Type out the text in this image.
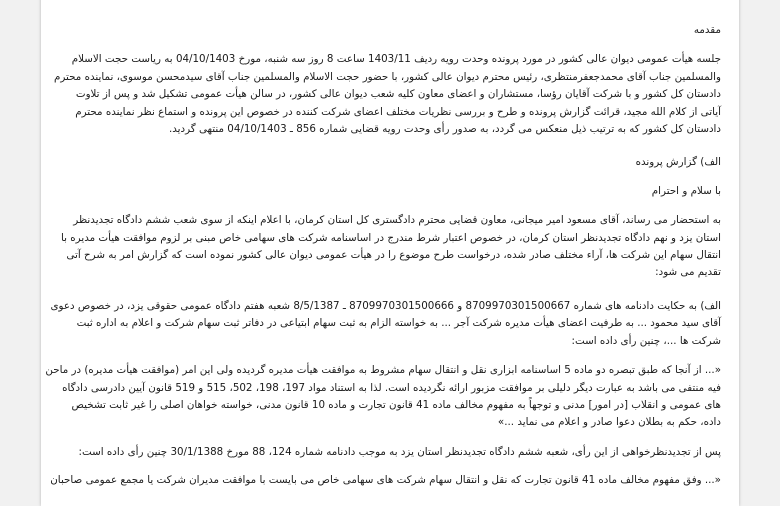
مقدمه

جلسه هیأت عمومی دیوان عالی کشور در مورد پرونده وحدت رویه ردیف 1403/11 ساعت 8 روز سه شنبه، مورخ 04/10/1403 به ریاست حجت الاسلام
والمسلمین جناب آقای محمدجعفرمنتظری، رئیس محترم دیوان عالی کشور، با حضور حجت الاسلام والمسلمین جناب آقای سیدمحسن موسوی، نماینده محترم
دادستان کل کشور و با شرکت آقایان رؤسا، مستشاران و اعضای معاون کلیه شعب دیوان عالی کشور، در سالن هیأت عمومی تشکیل شد و پس از تلاوت
آیاتی از کلام الله مجید، قرائت گزارش پرونده و طرح و بررسی نظریات مختلف اعضای شرکت کننده در خصوص این پرونده و استماع نظر نماینده محترم
دادستان کل کشور که به ترتیب ذیل منعکس می گردد، به صدور رأی وحدت رویه قضایی شماره 856 ـ 04/10/1403 منتهی گردید.

الف) گزارش پرونده

با سلام و احترام

به استحضار می رساند، آقای مسعود امیر میجانی، معاون قضایی محترم دادگستری کل استان کرمان، با اعلام اینکه از سوی شعب ششم دادگاه تجدیدنظر
استان یزد و نهم دادگاه تجدیدنظر استان کرمان، در خصوص اعتبار شرط مندرج در اساسنامه شرکت های سهامی خاص مبنی بر لزوم موافقت هیأت مدیره با
انتقال سهام این شرکت ها، آراء مختلف صادر شده، درخواست طرح موضوع را در هیأت عمومی دیوان عالی کشور نموده است که گزارش امر به شرح آتی
تقدیم می شود:
الف) به حکایت دادنامه های شماره 8709970301500667 و 8709970301500666 ـ 8/5/1387 شعبه هفتم دادگاه عمومی حقوقی یزد، در خصوص دعوی
آقای سید محمود ... به طرفیت اعضای هیأت مدیره شرکت آجر ... به خواسته الزام به ثبت سهام ابتیاعی در دفاتر ثبت سهام شرکت و اعلام به اداره ثبت
شرکت ها ...، چنین رأی داده است:
«... از آنجا که طبق تبصره دو ماده 5 اساسنامه ابزاری نقل و انتقال سهام مشروط به موافقت هیأت مدیره گردیده ولی این امر (موافقت هیأت مدیره) در ماحن
فیه منتفی می باشد به عبارت دیگر دلیلی بر موافقت مزبور ارائه نگردیده است. لذا به استناد مواد 197، 198، 502، 515 و 519 قانون آیین دادرسی دادگاه
های عمومی و انقلاب [در امور] مدنی و توجهاً به مفهوم مخالف ماده 41 قانون تجارت و ماده 10 قانون مدنی، خواسته خواهان اصلی را غیر ثابت تشخیص
داده، حکم به بطلان دعوا صادر و اعلام می نماید ...»
پس از تجدیدنظرخواهی از این رأی، شعبه ششم دادگاه تجدیدنظر استان یزد به موجب دادنامه شماره 124، 88 مورخ 30/1/1388 چنین رأی داده است:
«... وفق مفهوم مخالف ماده 41 قانون تجارت که نقل و انتقال سهام شرکت های سهامی خاص می بایست با موافقت مدیران شرکت یا مجمع عمومی صاحبان
